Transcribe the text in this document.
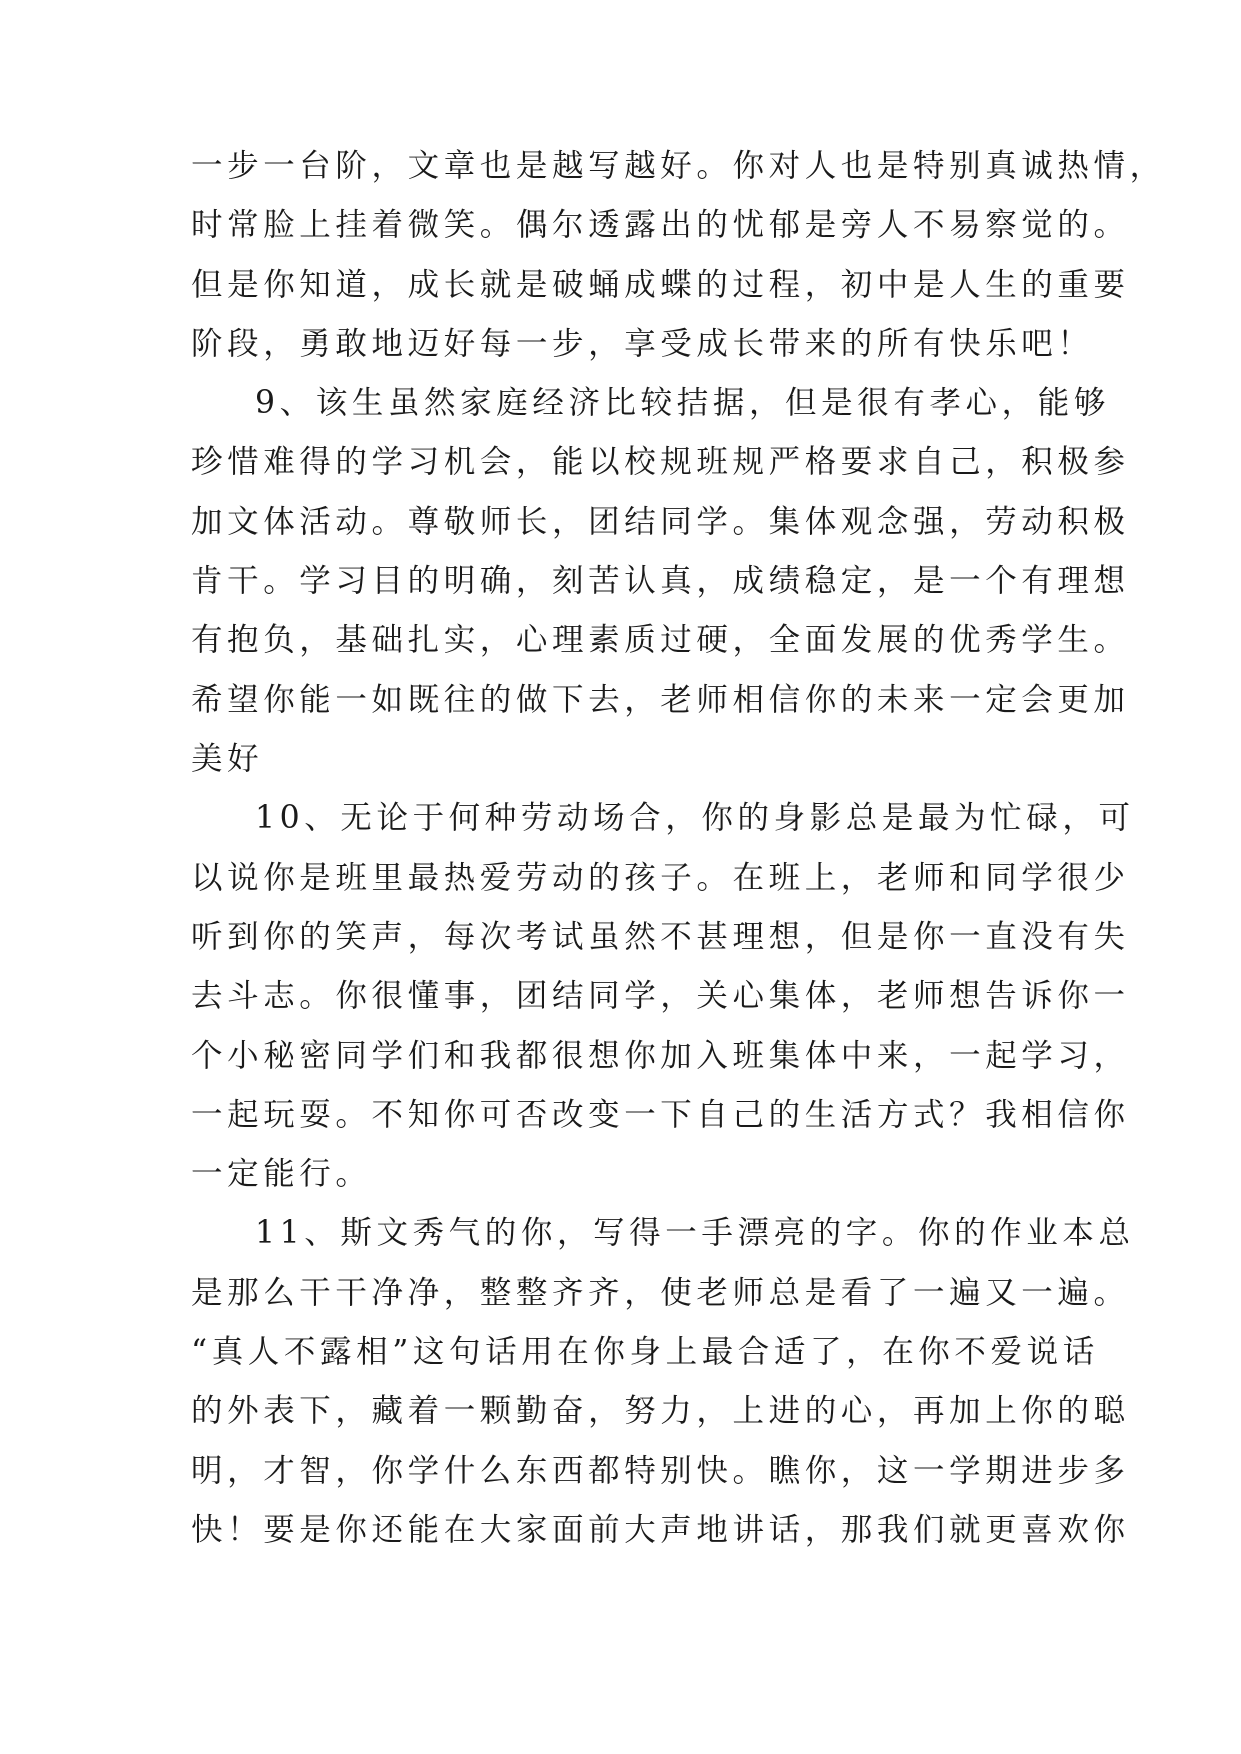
一步一台阶，文章也是越写越好。你对人也是特别真诚热情，
时常脸上挂着微笑。偶尔透露出的忧郁是旁人不易察觉的。
但是你知道，成长就是破蛹成蝶的过程，初中是人生的重要
阶段，勇敢地迈好每一步，享受成长带来的所有快乐吧！
9、该生虽然家庭经济比较拮据，但是很有孝心，能够
珍惜难得的学习机会，能以校规班规严格要求自己，积极参
加文体活动。尊敬师长，团结同学。集体观念强，劳动积极
肯干。学习目的明确，刻苦认真，成绩稳定，是一个有理想
有抱负，基础扎实，心理素质过硬，全面发展的优秀学生。
希望你能一如既往的做下去，老师相信你的未来一定会更加
美好
10、无论于何种劳动场合，你的身影总是最为忙碌，可
以说你是班里最热爱劳动的孩子。在班上，老师和同学很少
听到你的笑声，每次考试虽然不甚理想，但是你一直没有失
去斗志。你很懂事，团结同学，关心集体，老师想告诉你一
个小秘密同学们和我都很想你加入班集体中来，一起学习，
一起玩耍。不知你可否改变一下自己的生活方式？我相信你
一定能行。
11、斯文秀气的你，写得一手漂亮的字。你的作业本总
是那么干干净净，整整齐齐，使老师总是看了一遍又一遍。
“真人不露相”这句话用在你身上最合适了，在你不爱说话
的外表下，藏着一颗勤奋，努力，上进的心，再加上你的聪
明，才智，你学什么东西都特别快。瞧你，这一学期进步多
快！要是你还能在大家面前大声地讲话，那我们就更喜欢你
